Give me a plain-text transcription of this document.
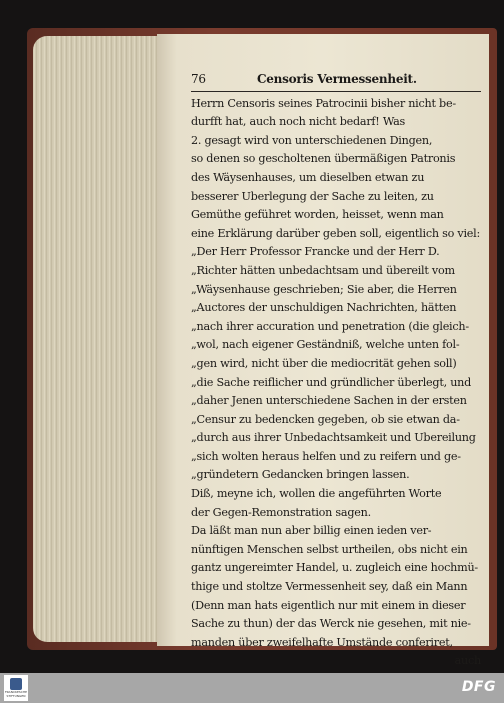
76	Censoris Vermessenheit.
Herrn Censoris seines Patrocinii bisher nicht be-
durfft hat, auch noch nicht bedarf! Was
2. gesagt wird von unterschiedenen Dingen,
so denen so gescholtenen übermäßigen Patronis
des Wäysenhauses, um dieselben etwan zu
besserer Uberlegung der Sache zu leiten, zu
Gemüthe geführet worden, heisset, wenn man
eine Erklärung darüber geben soll, eigentlich so viel:
„Der Herr Professor Francke und der Herr D.
„Richter hätten unbedachtsam und übereilt vom
„Wäysenhause geschrieben; Sie aber, die Herren
„Auctores der unschuldigen Nachrichten, hätten
„nach ihrer accuration und penetration (die gleich-
„wol, nach eigener Geständniß, welche unten fol-
„gen wird, nicht über die mediocrität gehen soll)
„die Sache reiflicher und gründlicher überlegt, und
„daher Jenen unterschiedene Sachen in der ersten
„Censur zu bedencken gegeben, ob sie etwan da-
„durch aus ihrer Unbedachtsamkeit und Ubereilung
„sich wolten heraus helfen und zu reifern und ge-
„gründetern Gedancken bringen lassen.
Diß, meyne ich, wollen die angeführten Worte
der Gegen-Remonstration sagen.
Da läßt man nun aber billig einen ieden ver-
nünftigen Menschen selbst urtheilen, obs nicht ein
gantz ungereimter Handel, u. zugleich eine hochmü-
thige und stoltze Vermessenheit sey, daß ein Mann
(Denn man hats eigentlich nur mit einem in dieser
Sache zu thun) der das Werck nie gesehen, mit nie-
manden über zweifelhafte Umstände conferiret,
auch
FRANCKESCHE STIFTUNGEN
DFG
